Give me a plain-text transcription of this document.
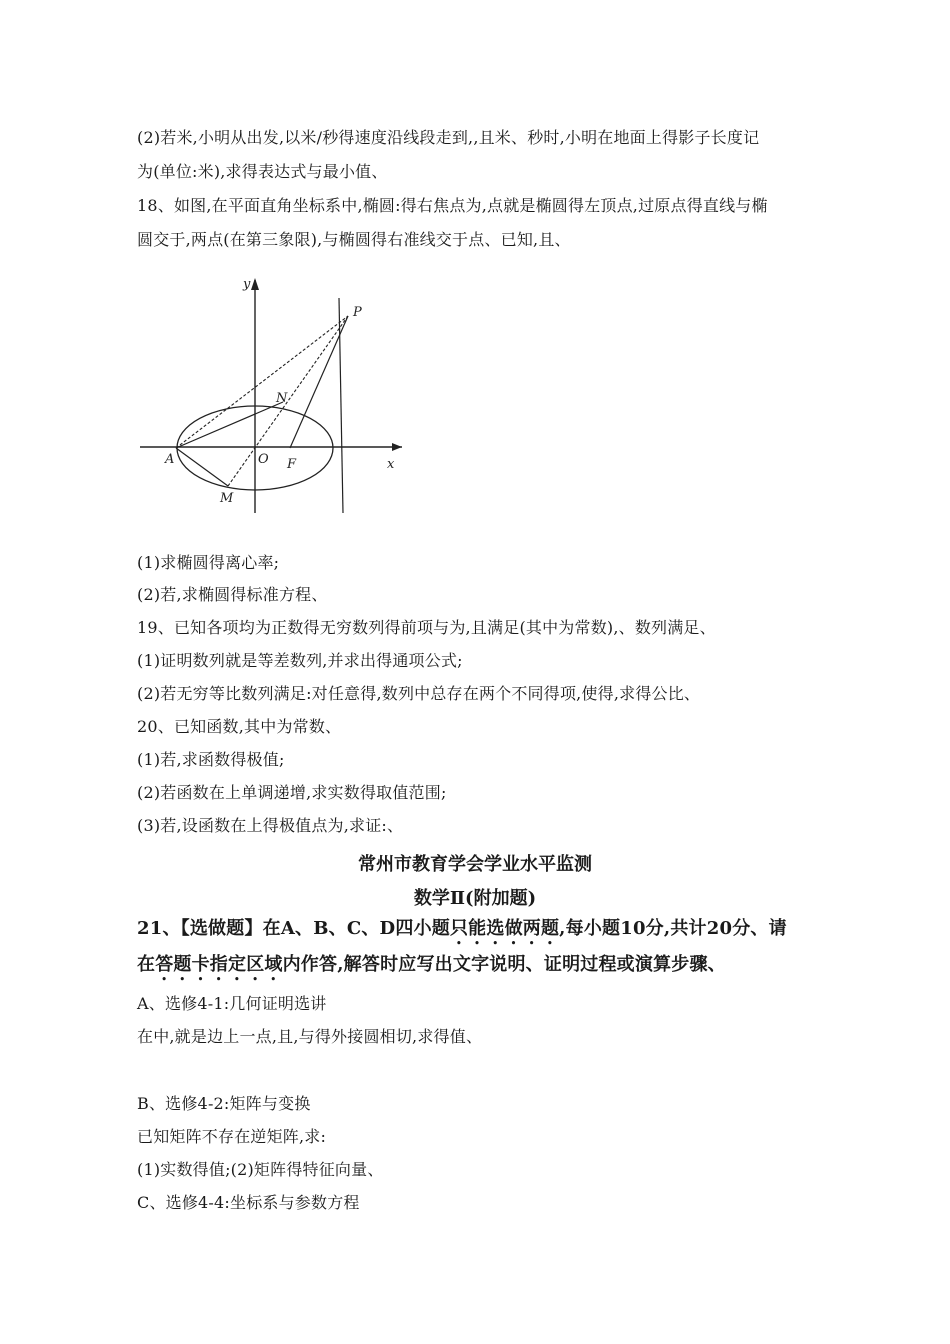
(2)若米,小明从出发,以米/秒得速度沿线段走到,,且米、秒时,小明在地面上得影子长度记
为(单位:米),求得表达式与最小值、
18、如图,在平面直角坐标系中,椭圆:得右焦点为,点就是椭圆得左顶点,过原点得直线与椭
圆交于,两点(在第三象限),与椭圆得右准线交于点、已知,且、
y
x
P
N
A	O F
M
(1)求椭圆得离心率;
(2)若,求椭圆得标准方程、
19、已知各项均为正数得无穷数列得前项与为,且满足(其中为常数),、数列满足、
(1)证明数列就是等差数列,并求出得通项公式;
(2)若无穷等比数列满足:对任意得,数列中总存在两个不同得项,使得,求得公比、
20、已知函数,其中为常数、
(1)若,求函数得极值;
(2)若函数在上单调递增,求实数得取值范围;
(3)若,设函数在上得极值点为,求证:、
常州市教育学会学业水平监测
数学Ⅱ(附加题)
21、【选做题】在A、B、C、D四小题只能选做两题,每小题10分,共计20分、请
在答题卡指定区域内作答,解答时应写出文字说明、证明过程或演算步骤、
A、选修4-1:几何证明选讲
在中,就是边上一点,且,与得外接圆相切,求得值、
B、选修4-2:矩阵与变换
已知矩阵不存在逆矩阵,求:
(1)实数得值;(2)矩阵得特征向量、
C、选修4-4:坐标系与参数方程
